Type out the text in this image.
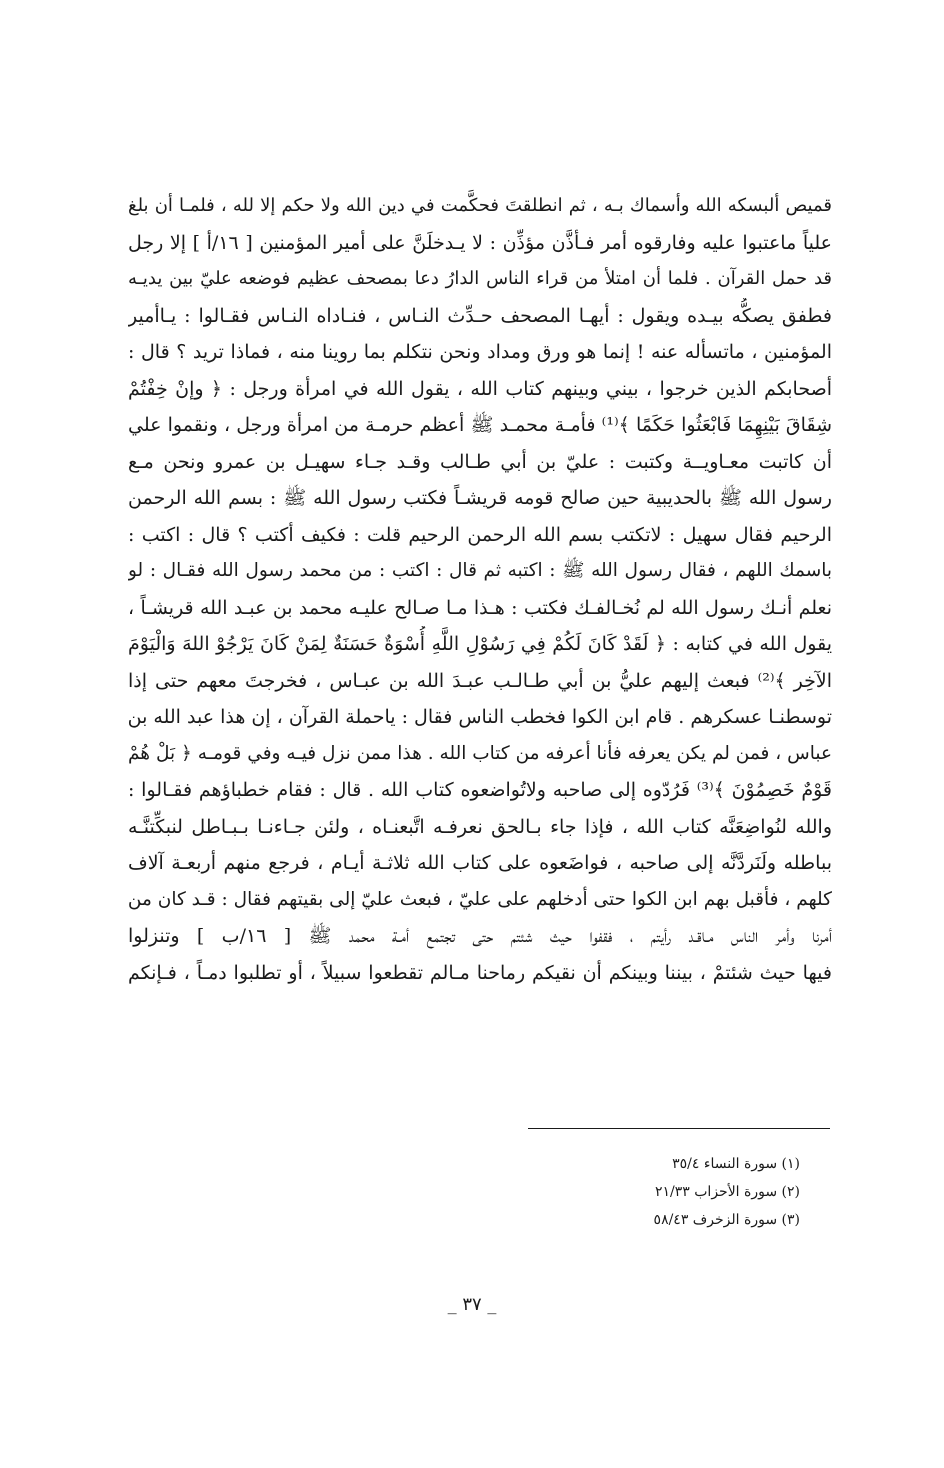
قميص ألبسكه الله وأسماك بـه ، ثم انطلقتَ فحكَّمت في دين الله ولا حكم إلا لله ، فلمـا أن بلغ
علياً ماعتبوا عليه وفارقوه أمر فـأذَّن مؤذِّن : لا يـدخلَنَّ على أمير المؤمنين [ ١٦/أ ] إلا رجل
قد حمل القرآن . فلما أن امتلأ من قراء الناس الدارُ دعا بمصحف عظيم فوضعه عليّ بين يديـه
فطفق يصكُّه بيـده ويقول : أيهـا المصحف حـدِّث النـاس ، فنـاداه النـاس فقـالوا : يـاأمير
المؤمنين ، ماتسأله عنه ! إنما هو ورق ومداد ونحن نتكلم بما روينا منه ، فماذا تريد ؟ قال :
أصحابكم الذين خرجوا ، بيني وبينهم كتاب الله ، يقول الله في امرأة ورجل : ﴿ وإنْ خِفْتُمْ
شِقَاقَ بَيْنِهِمَا فَابْعَثُوا حَكَمًا ﴾⁽¹⁾ فأمـة محمـد ﷺ أعظم حرمـة من امرأة ورجل ، ونقموا علي
أن كاتبت معـاويــة وكتبت : عليّ بن أبي طـالب وقـد جـاء سهيـل بن عمرو ونحن مـع
رسول الله ﷺ بالحديبية حين صالح قومه قريشـاً فكتب رسول الله ﷺ : بسم الله الرحمن
الرحيم فقال سهيل : لاتكتب بسم الله الرحمن الرحيم قلت : فكيف أكتب ؟ قال : اكتب :
باسمك اللهم ، فقال رسول الله ﷺ : اكتبه ثم قال : اكتب : من محمد رسول الله فقـال : لو
نعلم أنـك رسول الله لم نُخـالفـك فكتب : هـذا مـا صـالح عليـه محمد بن عبـد الله قريشـاً ،
يقول الله في كتابه : ﴿ لَقَدْ كَانَ لَكُمْ فِي رَسُوْلِ اللَّهِ أُسْوَةٌ حَسَنَةٌ لِمَنْ كَانَ يَرْجُوْ اللهَ وَالْيَوْمَ
الآخِر ﴾⁽²⁾ فبعث إليهم عليُّ بن أبي طـالـب عبـدَ الله بن عبـاس ، فخرجتَ معهم حتى إذا
توسطنـا عسكرهم . قام ابن الكوا فخطب الناس فقال : ياحملة القرآن ، إن هذا عبد الله بن
عباس ، فمن لم يكن يعرفه فأنا أعرفه من كتاب الله . هذا ممن نزل فيـه وفي قومـه ﴿ بَلْ هُمْ
قَوْمٌ خَصِمُوْنَ ﴾⁽³⁾ فَرُدّوه إلى صاحبه ولاتُواضعوه كتاب الله . قال : فقام خطباؤهم فقـالوا :
والله لنُواضِعَنَّه كتاب الله ، فإذا جاء بـالحق نعرفـه اتَّبعنـاه ، ولئن جـاءنـا بـبـاطل لنبكِّتنَّـه
بباطله ولَنَردَّنَّه إلى صاحبه ، فواضَعوه على كتاب الله ثلاثـة أيـام ، فرجع منهم أربعـة آلاف
كلهم ، فأقبل بهم ابن الكوا حتى أدخلهم على عليّ ، فبعث عليّ إلى بقيتهم فقال : قـد كان من
أمرنا وأمر الناس مـاقـد رأيتم ، فقفوا حيث شئتم حتى تجتمع أمـة محمد ﷺ [ ١٦/ب ] وتنزلوا
فيها حيث شئتمْ ، بيننا وبينكم أن نقيكم رماحنا مـالم تقطعوا سبيلاً ، أو تطلبوا دمـاً ، فـإنكم
(١) سورة النساء ٣٥/٤
(٢) سورة الأحزاب ٢١/٣٣
(٣) سورة الزخرف ٥٨/٤٣
_ ٣٧ _
